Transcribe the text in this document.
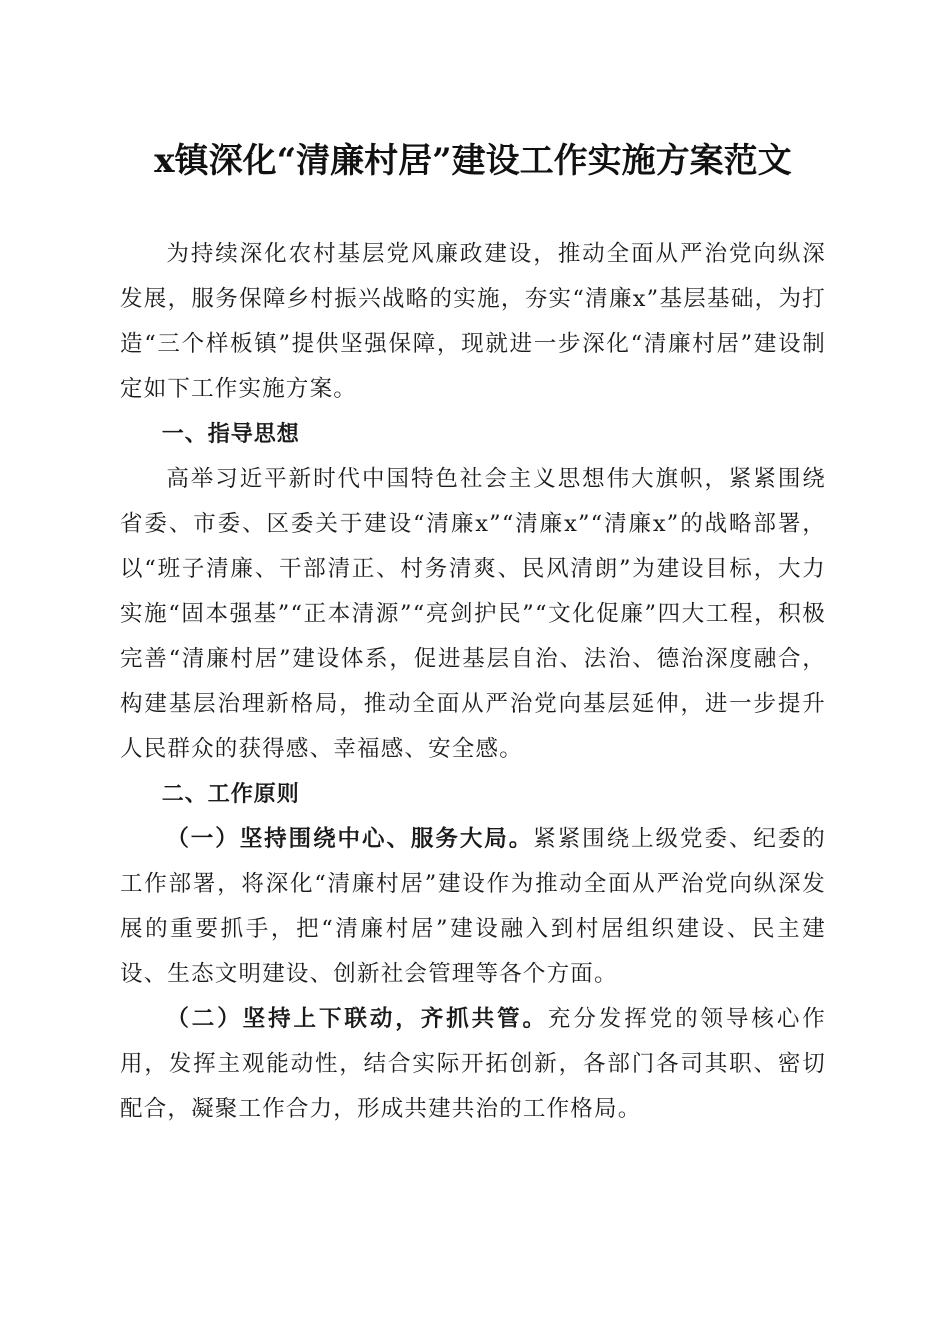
x镇深化“清廉村居”建设工作实施方案范文

为持续深化农村基层党风廉政建设，推动全面从严治党向纵深发展，服务保障乡村振兴战略的实施，夯实“清廉x”基层基础，为打造“三个样板镇”提供坚强保障，现就进一步深化“清廉村居”建设制定如下工作实施方案。

一、指导思想

高举习近平新时代中国特色社会主义思想伟大旗帜，紧紧围绕省委、市委、区委关于建设“清廉x”“清廉x”“清廉x”的战略部署，以“班子清廉、干部清正、村务清爽、民风清朗”为建设目标，大力实施“固本强基”“正本清源”“亮剑护民”“文化促廉”四大工程，积极完善“清廉村居”建设体系，促进基层自治、法治、德治深度融合，构建基层治理新格局，推动全面从严治党向基层延伸，进一步提升人民群众的获得感、幸福感、安全感。

二、工作原则

（一）坚持围绕中心、服务大局。紧紧围绕上级党委、纪委的工作部署，将深化“清廉村居”建设作为推动全面从严治党向纵深发展的重要抓手，把“清廉村居”建设融入到村居组织建设、民主建设、生态文明建设、创新社会管理等各个方面。

（二）坚持上下联动，齐抓共管。充分发挥党的领导核心作用，发挥主观能动性，结合实际开拓创新，各部门各司其职、密切配合，凝聚工作合力，形成共建共治的工作格局。
